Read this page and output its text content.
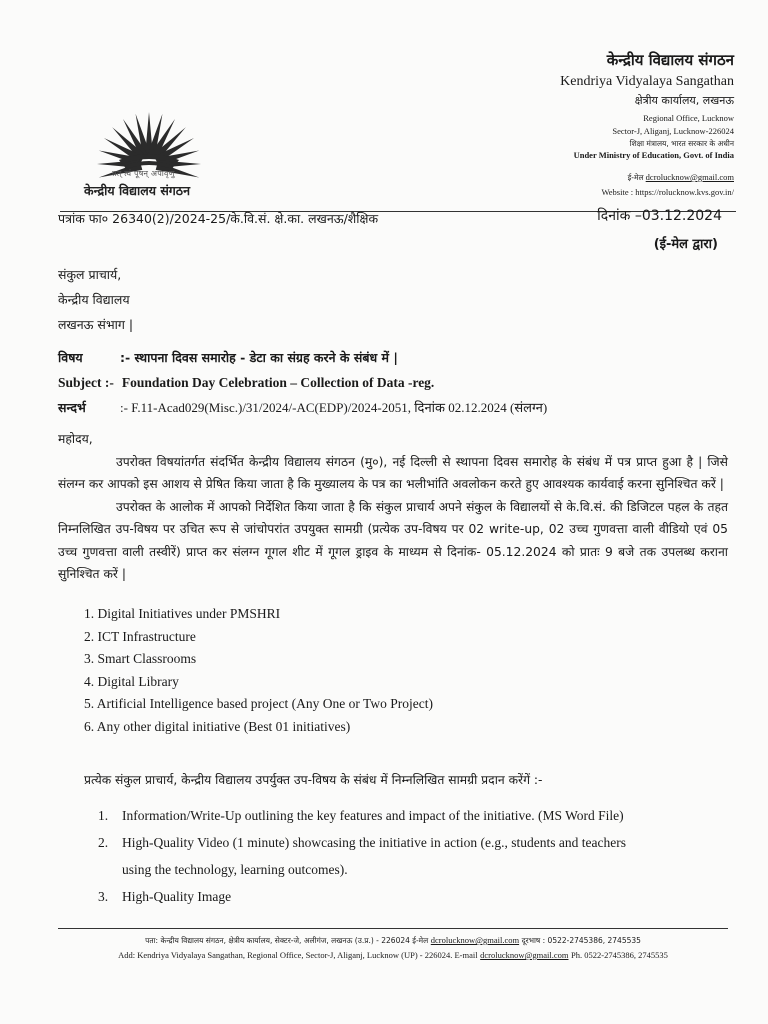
तत् त्वं पूषन् अपावृणु
केन्द्रीय विद्यालय संगठन
केन्द्रीय विद्यालय संगठन
Kendriya Vidyalaya Sangathan
क्षेत्रीय कार्यालय, लखनऊ
Regional Office, Lucknow
Sector-J, Aliganj, Lucknow-226024
शिक्षा मंत्रालय, भारत सरकार के अधीन
Under Ministry of Education, Govt. of India
ई-मेल dcrolucknow@gmail.com
Website : https://rolucknow.kvs.gov.in/
पत्रांक फा० 26340(2)/2024-25/के.वि.सं. क्षे.का. लखनऊ/शैक्षिक	दिनांक –03.12.2024
(ई-मेल द्वारा)
संकुल प्राचार्य,
केन्द्रीय विद्यालय
लखनऊ संभाग |
विषय	:- स्थापना दिवस समारोह - डेटा का संग्रह करने के संबंध में |
Subject :- Foundation Day Celebration – Collection of Data -reg.
सन्दर्भ	:- F.11-Acad029(Misc.)/31/2024/-AC(EDP)/2024-2051, दिनांक 02.12.2024 (संलग्न)

महोदय,

उपरोक्त विषयांतर्गत संदर्भित केन्द्रीय विद्यालय संगठन (मु०), नई दिल्ली से स्थापना दिवस समारोह के संबंध में पत्र प्राप्त हुआ है | जिसे संलग्न कर आपको इस आशय से प्रेषित किया जाता है कि मुख्यालय के पत्र का भलीभांति अवलोकन करते हुए आवश्यक कार्यवाई करना सुनिश्चित करें |

उपरोक्त के आलोक में आपको निर्देशित किया जाता है कि संकुल प्राचार्य अपने संकुल के विद्यालयों से के.वि.सं. की डिजिटल पहल के तहत निम्नलिखित उप-विषय पर उचित रूप से जांचोपरांत उपयुक्त सामग्री (प्रत्येक उप-विषय पर 02 write-up, 02 उच्च गुणवत्ता वाली वीडियो एवं 05 उच्च गुणवत्ता वाली तस्वीरें) प्राप्त कर संलग्न गूगल शीट में गूगल ड्राइव के माध्यम से दिनांक- 05.12.2024 को प्रातः 9 बजे तक उपलब्ध कराना सुनिश्चित करें |

1. Digital Initiatives under PMSHRI
2. ICT Infrastructure
3. Smart Classrooms
4. Digital Library
5. Artificial Intelligence based project (Any One or Two Project)
6. Any other digital initiative (Best 01 initiatives)
प्रत्येक संकुल प्राचार्य, केन्द्रीय विद्यालय उपर्युक्त उप-विषय के संबंध में निम्नलिखित सामग्री प्रदान करेंगें :-
1. Information/Write-Up outlining the key features and impact of the initiative. (MS Word File)
2. High-Quality Video (1 minute) showcasing the initiative in action (e.g., students and teachers
using the technology, learning outcomes).
3. High-Quality Image
पता: केन्द्रीय विद्यालय संगठन, क्षेत्रीय कार्यालय, सेक्टर-जे, अलीगंज, लखनऊ (उ.प्र.) - 226024 ई-मेल dcrolucknow@gmail.com दूरभाष : 0522-2745386, 2745535
Add: Kendriya Vidyalaya Sangathan, Regional Office, Sector-J, Aliganj, Lucknow (UP) - 226024. E-mail dcrolucknow@gmail.com Ph. 0522-2745386, 2745535
